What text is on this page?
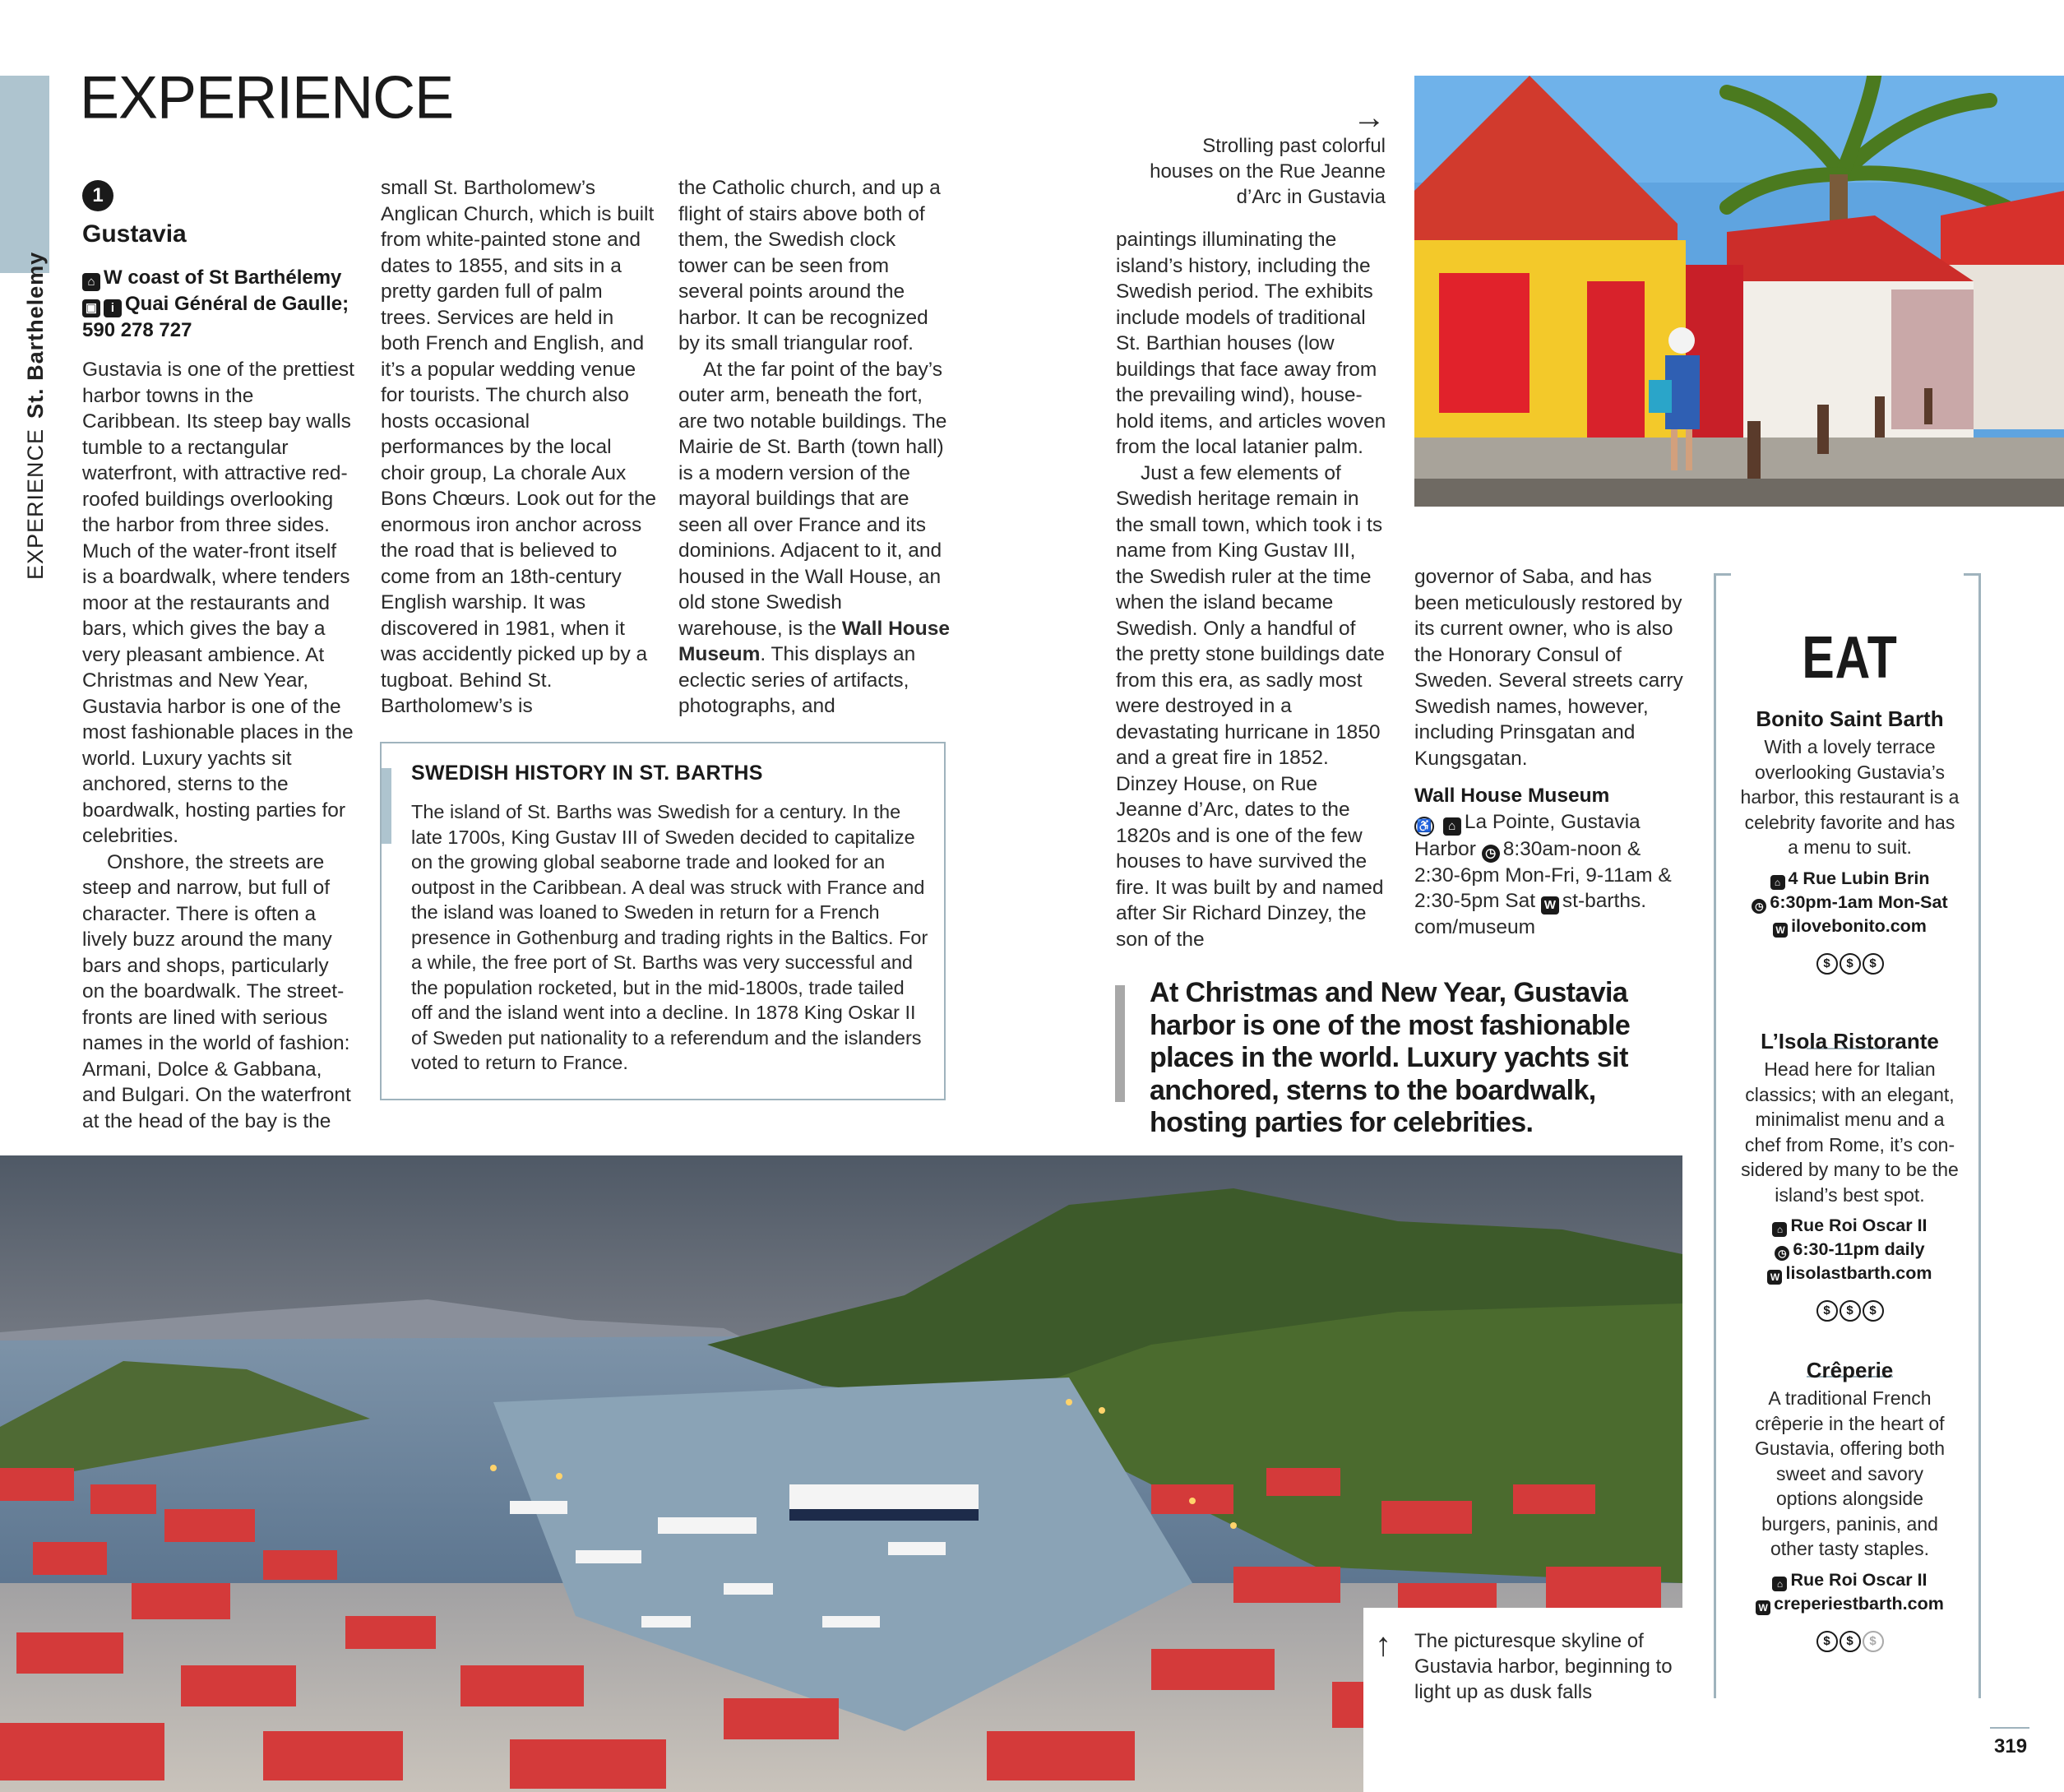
EXPERIENCESt. Barthelemy
EXPERIENCE
1
Gustavia
⌂ W coast of St Barthélemy
▣ i Quai Général de Gaulle; 590 278 727

Gustavia is one of the prettiest harbor towns in the Caribbean. Its steep bay walls tumble to a rectangular waterfront, with attractive red-roofed buildings overlooking the harbor from three sides. Much of the water-front itself is a boardwalk, where tenders moor at the restaurants and bars, which gives the bay a very pleasant ambience. At Christmas and New Year, Gustavia harbor is one of the most fashionable places in the world. Luxury yachts sit anchored, sterns to the boardwalk, hosting parties for celebrities.

Onshore, the streets are steep and narrow, but full of character. There is often a lively buzz around the many bars and shops, particularly on the boardwalk. The street-fronts are lined with serious names in the world of fashion: Armani, Dolce & Gabbana, and Bulgari. On the waterfront at the head of the bay is the

small St. Bartholomew’s Anglican Church, which is built from white-painted stone and dates to 1855, and sits in a pretty garden full of palm trees. Services are held in both French and English, and it’s a popular wedding venue for tourists. The church also hosts occasional performances by the local choir group, La chorale Aux Bons Chœurs. Look out for the enormous iron anchor across the road that is believed to come from an 18th-century English warship. It was discovered in 1981, when it was accidently picked up by a tugboat. Behind St. Bartholomew’s is

the Catholic church, and up a flight of stairs above both of them, the Swedish clock tower can be seen from several points around the harbor. It can be recognized by its small triangular roof.

At the far point of the bay’s outer arm, beneath the fort, are two notable buildings. The Mairie de St. Barth (town hall) is a modern version of the mayoral buildings that are seen all over France and its dominions. Adjacent to it, and housed in the Wall House, an old stone Swedish warehouse, is the Wall House Museum. This displays an eclectic series of artifacts, photographs, and

SWEDISH HISTORY IN ST. BARTHS
The island of St. Barths was Swedish for a century. In the late 1700s, King Gustav III of Sweden decided to capitalize on the growing global seaborne trade and looked for an outpost in the Caribbean. A deal was struck with France and the island was loaned to Sweden in return for a French presence in Gothenburg and trading rights in the Baltics. For a while, the free port of St. Barths was very successful and the population rocketed, but in the mid-1800s, trade tailed off and the island went into a decline. In 1878 King Oskar II of Sweden put nationality to a referendum and the islanders voted to return to France.
→
Strolling past colorful houses on the Rue Jeanne d’Arc in Gustavia

paintings illuminating the island’s history, including the Swedish period. The exhibits include models of traditional St. Barthian houses (low buildings that face away from the prevailing wind), house-hold items, and articles woven from the local latanier palm.

Just a few elements of Swedish heritage remain in the small town, which took i ts name from King Gustav III, the Swedish ruler at the time when the island became Swedish. Only a handful of the pretty stone buildings date from this era, as sadly most were destroyed in a devastating hurricane in 1850 and a great fire in 1852. Dinzey House, on Rue Jeanne d’Arc, dates to the 1820s and is one of the few houses to have survived the fire. It was built by and named after Sir Richard Dinzey, the son of the

governor of Saba, and has been meticulously restored by its current owner, who is also the Honorary Consul of Sweden. Several streets carry Swedish names, however, including Prinsgatan and Kungsgatan.

Wall House Museum

♿ ⌂ La Pointe, Gustavia Harbor ◷ 8:30am-noon & 2:30-6pm Mon-Fri, 9-11am & 2:30-5pm Sat W st-barths. com/museum

At Christmas and New Year, Gustavia harbor is one of the most fashionable places in the world. Luxury yachts sit anchored, sterns to the boardwalk, hosting parties for celebrities.
↑ The picturesque skyline of Gustavia harbor, beginning to light up as dusk falls
EAT
Bonito Saint Barth
With a lovely terrace overlooking Gustavia’s harbor, this restaurant is a celebrity favorite and has a menu to suit.
⌂ 4 Rue Lubin Brin
◷ 6:30pm-1am Mon-Sat
W ilovebonito.com
$ $ $
L’Isola Ristorante
Head here for Italian classics; with an elegant, minimalist menu and a chef from Rome, it’s con-sidered by many to be the island’s best spot.
⌂ Rue Roi Oscar II
◷ 6:30-11pm daily
W lisolastbarth.com
$ $ $
Crêperie
A traditional French crêperie in the heart of Gustavia, offering both sweet and savory options alongside burgers, paninis, and other tasty staples.
⌂ Rue Roi Oscar II
W creperiestbarth.com
$ $ $
319
